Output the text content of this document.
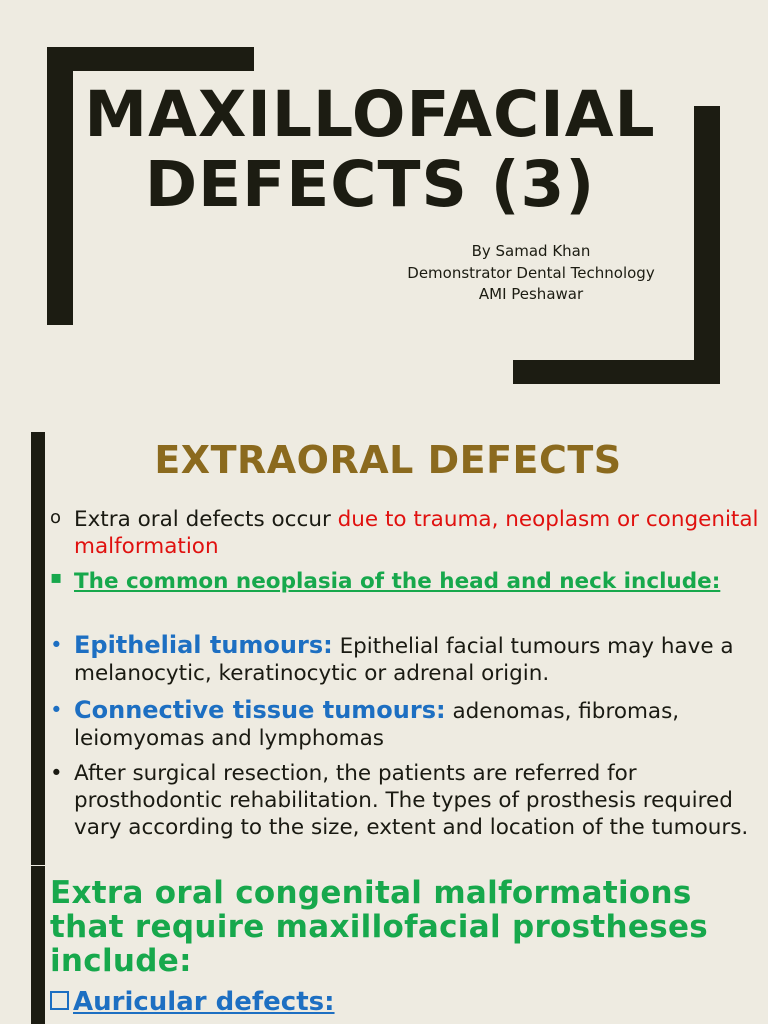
MAXILLOFACIAL
DEFECTS (3)
By Samad Khan
Demonstrator Dental Technology
AMI Peshawar
EXTRAORAL DEFECTS
o Extra oral defects occur due to trauma, neoplasm or congenital malformation
▪ The common neoplasia of the head and neck include:
• Epithelial tumours: Epithelial facial tumours may have a melanocytic, keratinocytic or adrenal origin.
• Connective tissue tumours: adenomas, fibromas, leiomyomas and lymphomas
• After surgical resection, the patients are referred for prosthodontic rehabilitation. The types of prosthesis required vary according to the size, extent and location of the tumours.
Extra oral congenital malformations that require maxillofacial prostheses include:
Auricular defects:
